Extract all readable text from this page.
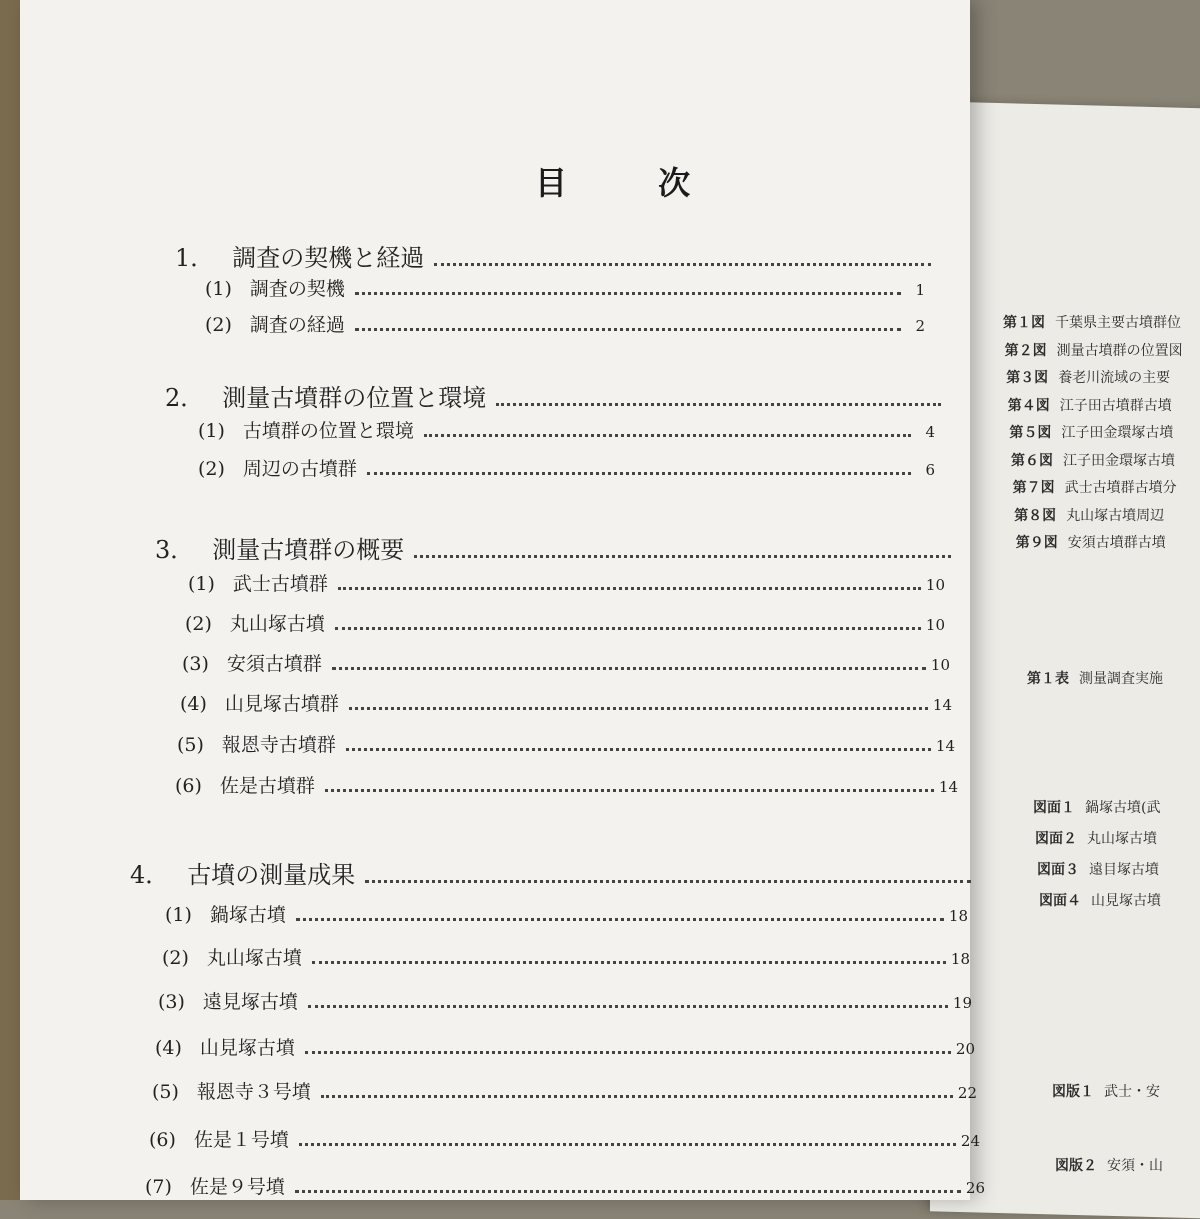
目 次
1． 調査の契機と経過
(1) 調査の契機	1
(2) 調査の経過	2
2． 測量古墳群の位置と環境
(1) 古墳群の位置と環境	4
(2) 周辺の古墳群	6
3． 測量古墳群の概要
(1) 武士古墳群	10
(2) 丸山塚古墳	10
(3) 安須古墳群	10
(4) 山見塚古墳群	14
(5) 報恩寺古墳群	14
(6) 佐是古墳群	14
4． 古墳の測量成果
(1) 鍋塚古墳	18
(2) 丸山塚古墳	18
(3) 遠見塚古墳	19
(4) 山見塚古墳	20
(5) 報恩寺３号墳	22
(6) 佐是１号墳	24
(7) 佐是９号墳	26
第１図 千葉県主要古墳群位
第２図 測量古墳群の位置図
第３図 養老川流域の主要
第４図 江子田古墳群古墳
第５図 江子田金環塚古墳
第６図 江子田金環塚古墳
第７図 武士古墳群古墳分
第８図 丸山塚古墳周辺
第９図 安須古墳群古墳
第１表 測量調査実施
図面１ 鍋塚古墳(武
図面２ 丸山塚古墳
図面３ 遠目塚古墳
図面４ 山見塚古墳
図版１ 武士・安
図版２ 安須・山
